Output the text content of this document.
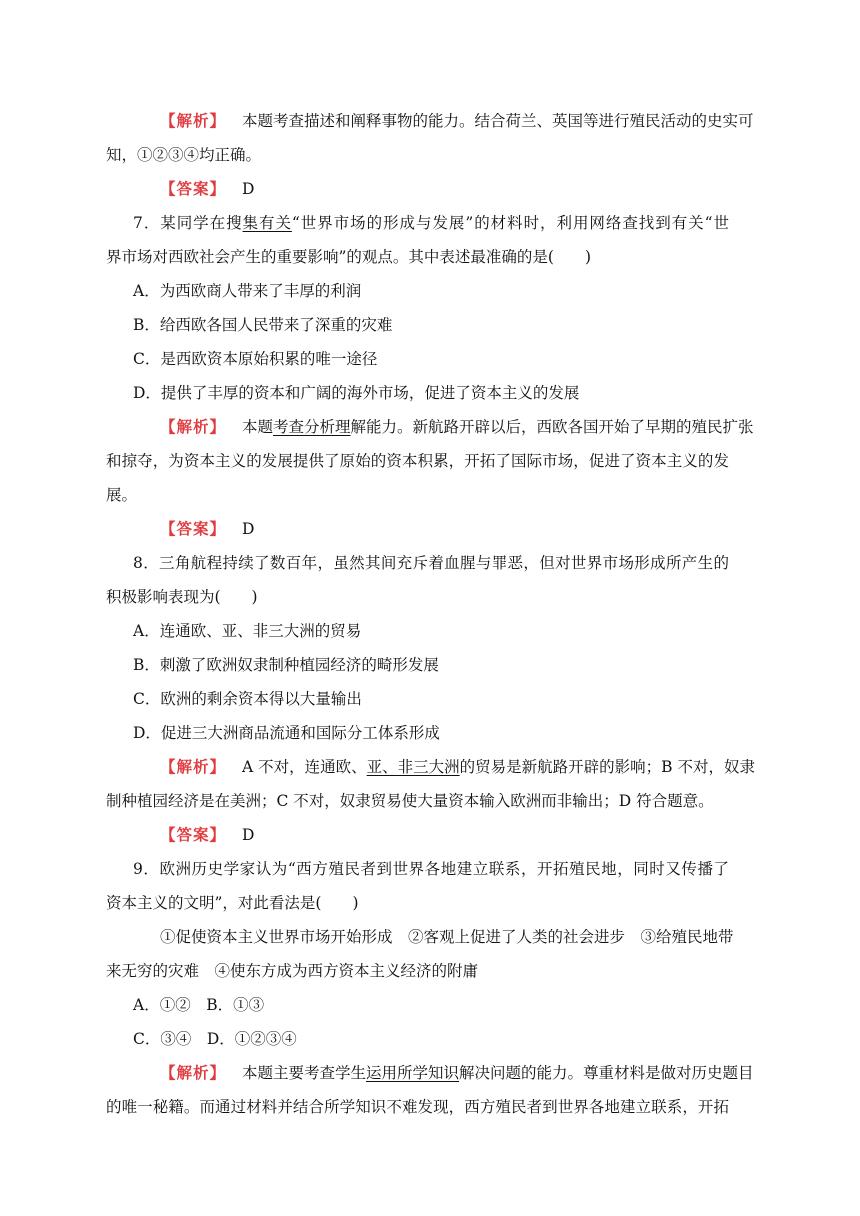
【解析】 本题考查描述和阐释事物的能力。结合荷兰、英国等进行殖民活动的史实可
知，①②③④均正确。
【答案】 D
7．某同学在搜集有关“世界市场的形成与发展”的材料时，利用网络查找到有关“世
界市场对西欧社会产生的重要影响”的观点。其中表述最准确的是(　　)
A．为西欧商人带来了丰厚的利润
B．给西欧各国人民带来了深重的灾难
C．是西欧资本原始积累的唯一途径
D．提供了丰厚的资本和广阔的海外市场，促进了资本主义的发展
【解析】 本题考查分析理解能力。新航路开辟以后，西欧各国开始了早期的殖民扩张
和掠夺，为资本主义的发展提供了原始的资本积累，开拓了国际市场，促进了资本主义的发
展。
【答案】 D
8．三角航程持续了数百年，虽然其间充斥着血腥与罪恶，但对世界市场形成所产生的
积极影响表现为(　　)
A．连通欧、亚、非三大洲的贸易
B．刺激了欧洲奴隶制种植园经济的畸形发展
C．欧洲的剩余资本得以大量输出
D．促进三大洲商品流通和国际分工体系形成
【解析】 A 不对，连通欧、亚、非三大洲的贸易是新航路开辟的影响；B 不对，奴隶
制种植园经济是在美洲；C 不对，奴隶贸易使大量资本输入欧洲而非输出；D 符合题意。
【答案】 D
9．欧洲历史学家认为“西方殖民者到世界各地建立联系，开拓殖民地，同时又传播了
资本主义的文明”，对此看法是(　　)
①促使资本主义世界市场开始形成　②客观上促进了人类的社会进步　③给殖民地带
来无穷的灾难　④使东方成为西方资本主义经济的附庸
A．①②　B．①③
C．③④　D．①②③④
【解析】 本题主要考查学生运用所学知识解决问题的能力。尊重材料是做对历史题目
的唯一秘籍。而通过材料并结合所学知识不难发现，西方殖民者到世界各地建立联系，开拓
